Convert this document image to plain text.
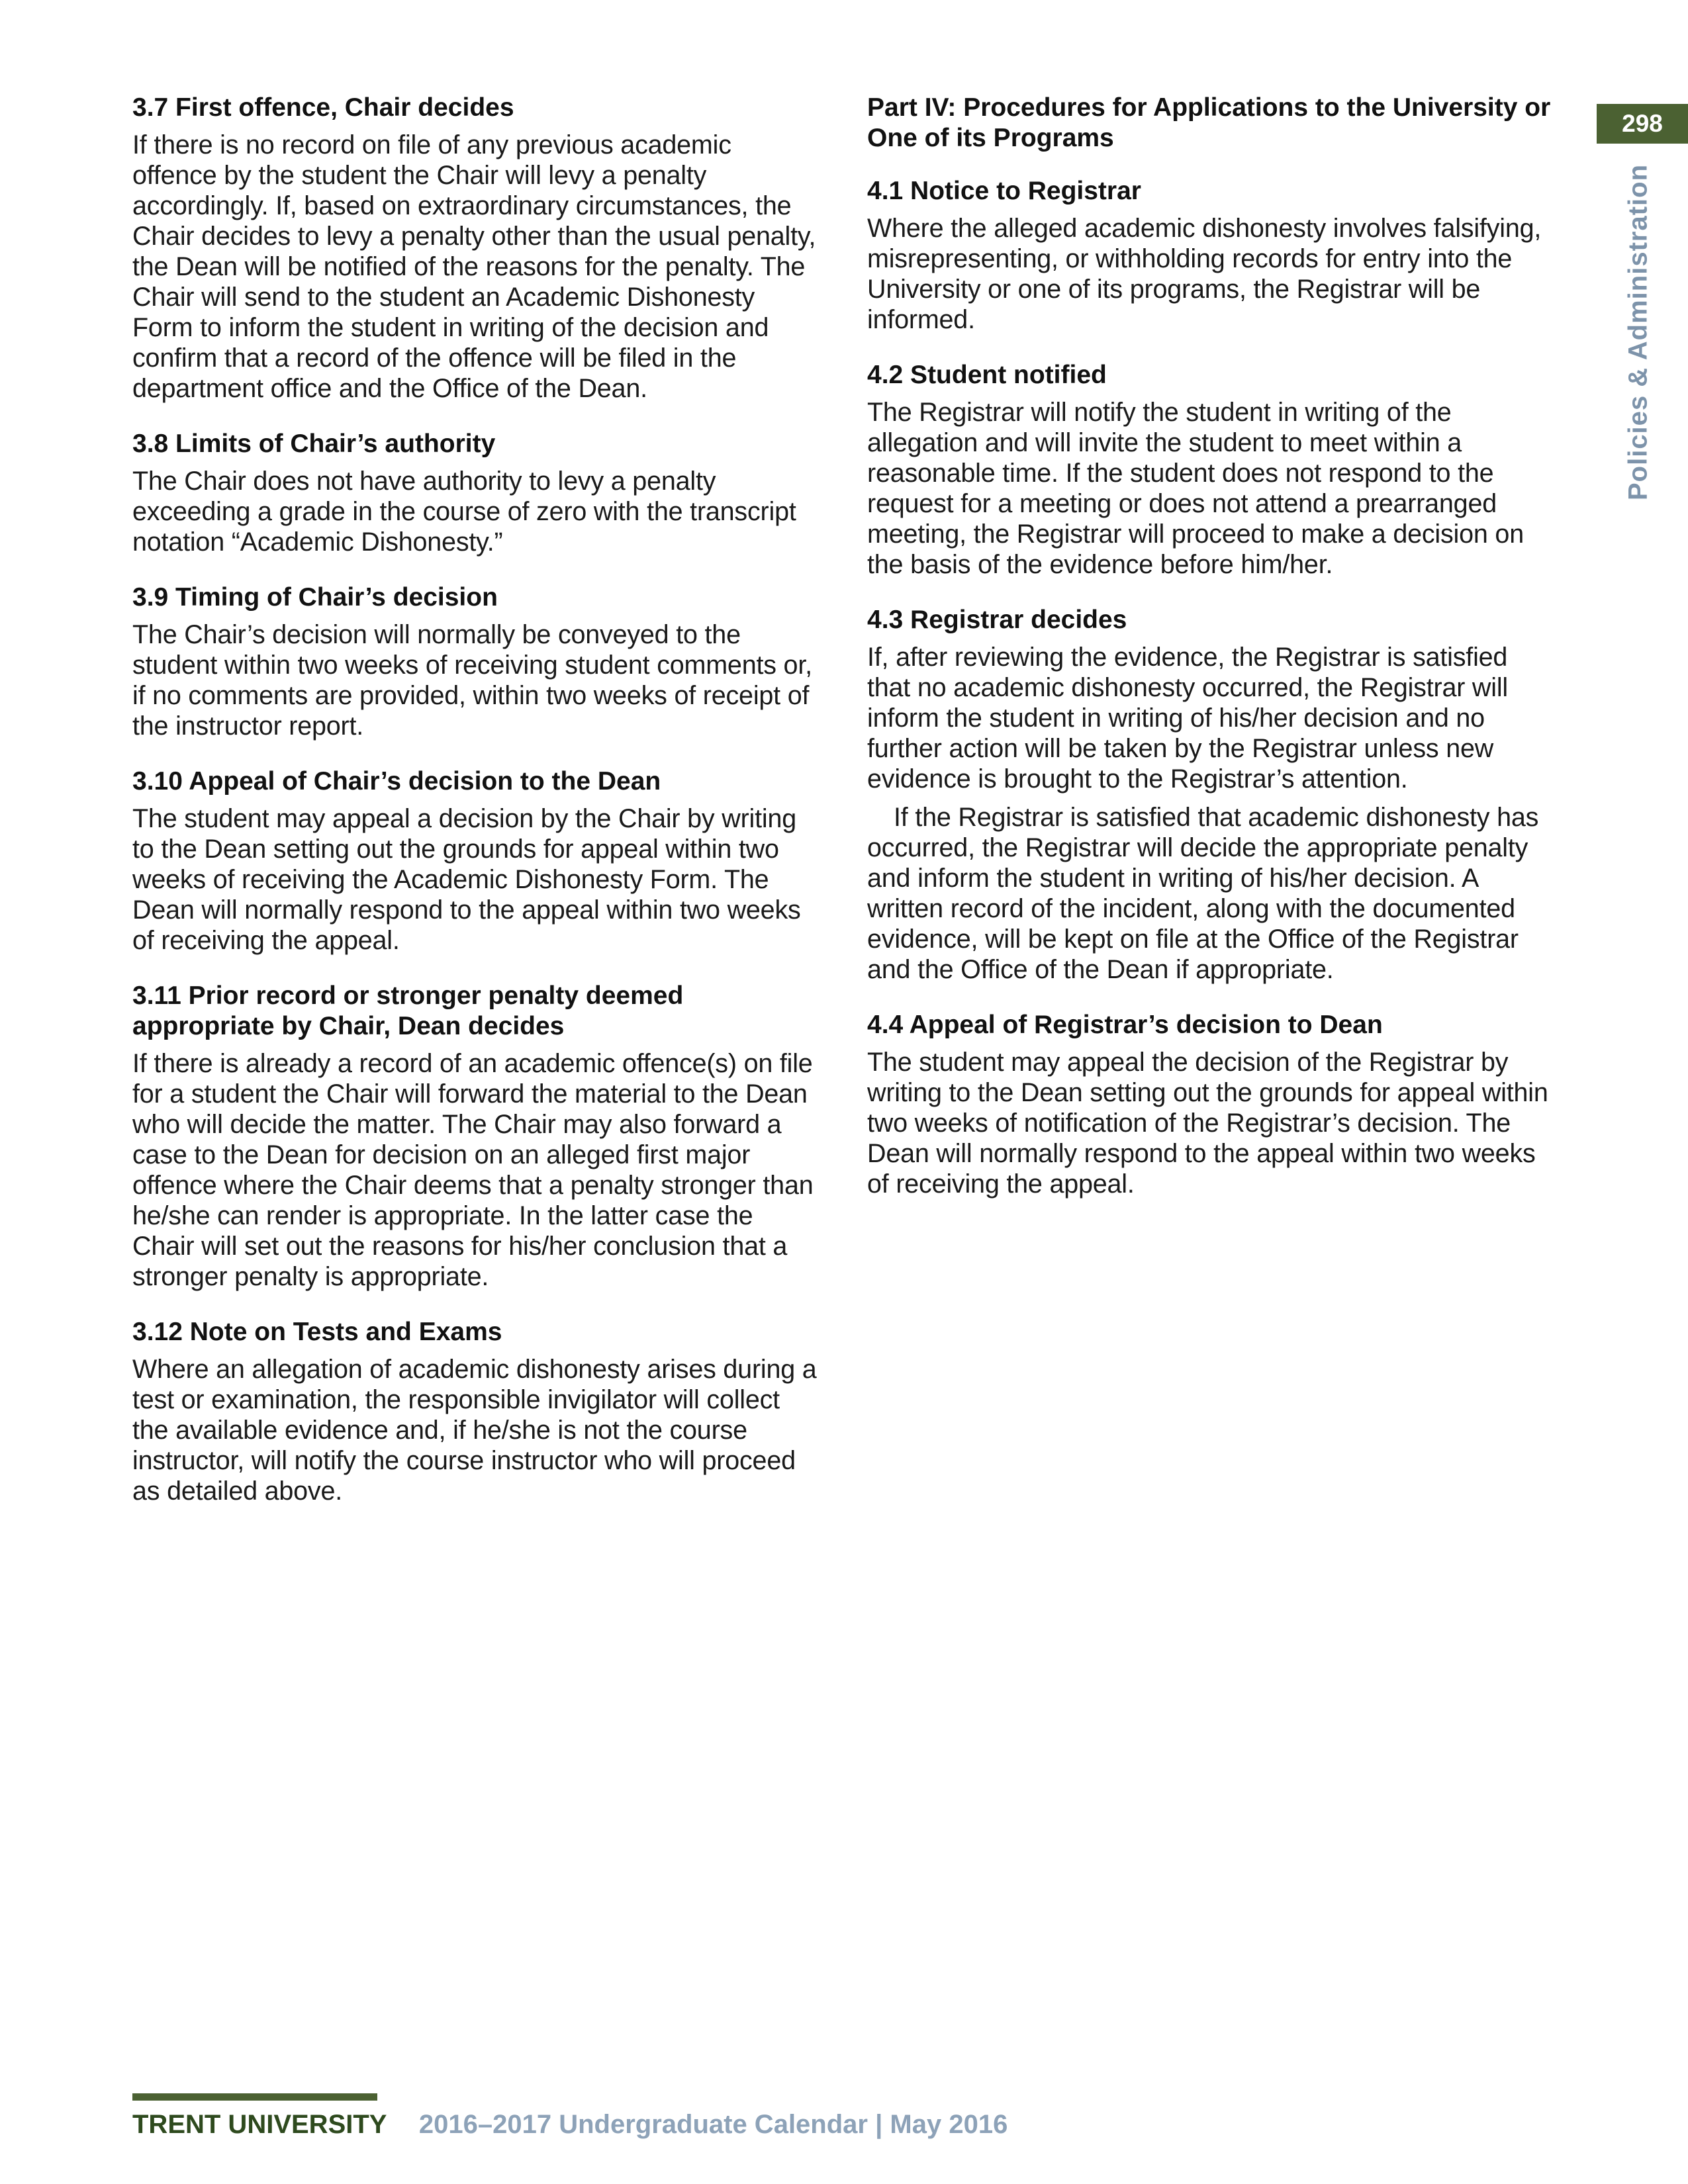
298
Policies & Administration
3.7 First offence, Chair decides

If there is no record on file of any previous academic offence by the student the Chair will levy a penalty accordingly. If, based on extraordinary circumstances, the Chair decides to levy a penalty other than the usual penalty, the Dean will be notified of the reasons for the penalty. The Chair will send to the student an Academic Dishonesty Form to inform the student in writing of the decision and confirm that a record of the offence will be filed in the department office and the Office of the Dean.

3.8 Limits of Chair’s authority

The Chair does not have authority to levy a penalty exceeding a grade in the course of zero with the transcript notation “Academic Dishonesty.”

3.9 Timing of Chair’s decision

The Chair’s decision will normally be conveyed to the student within two weeks of receiving student comments or, if no comments are provided, within two weeks of receipt of the instructor report.

3.10 Appeal of Chair’s decision to the Dean

The student may appeal a decision by the Chair by writing to the Dean setting out the grounds for appeal within two weeks of receiving the Academic Dishonesty Form. The Dean will normally respond to the appeal within two weeks of receiving the appeal.

3.11 Prior record or stronger penalty deemed appropriate by Chair, Dean decides

If there is already a record of an academic offence(s) on file for a student the Chair will forward the material to the Dean who will decide the matter. The Chair may also forward a case to the Dean for decision on an alleged first major offence where the Chair deems that a penalty stronger than he/she can render is appropriate. In the latter case the Chair will set out the reasons for his/her conclusion that a stronger penalty is appropriate.

3.12 Note on Tests and Exams

Where an allegation of academic dishonesty arises during a test or examination, the responsible invigilator will collect the available evidence and, if he/she is not the course instructor, will notify the course instructor who will proceed as detailed above.

Part IV: Procedures for Applications to the University or One of its Programs
4.1 Notice to Registrar

Where the alleged academic dishonesty involves falsifying, misrepresenting, or withholding records for entry into the University or one of its programs, the Registrar will be informed.

4.2 Student notified

The Registrar will notify the student in writing of the allegation and will invite the student to meet within a reasonable time. If the student does not respond to the request for a meeting or does not attend a prearranged meeting, the Registrar will proceed to make a decision on the basis of the evidence before him/her.

4.3 Registrar decides

If, after reviewing the evidence, the Registrar is satisfied that no academic dishonesty occurred, the Registrar will inform the student in writing of his/her decision and no further action will be taken by the Registrar unless new evidence is brought to the Registrar’s attention.

If the Registrar is satisfied that academic dishonesty has occurred, the Registrar will decide the appropriate penalty and inform the student in writing of his/her decision. A written record of the incident, along with the documented evidence, will be kept on file at the Office of the Registrar and the Office of the Dean if appropriate.

4.4 Appeal of Registrar’s decision to Dean

The student may appeal the decision of the Registrar by writing to the Dean setting out the grounds for appeal within two weeks of notification of the Registrar’s decision. The Dean will normally respond to the appeal within two weeks of receiving the appeal.

TRENT UNIVERSITY 2016–2017 Undergraduate Calendar | May 2016
